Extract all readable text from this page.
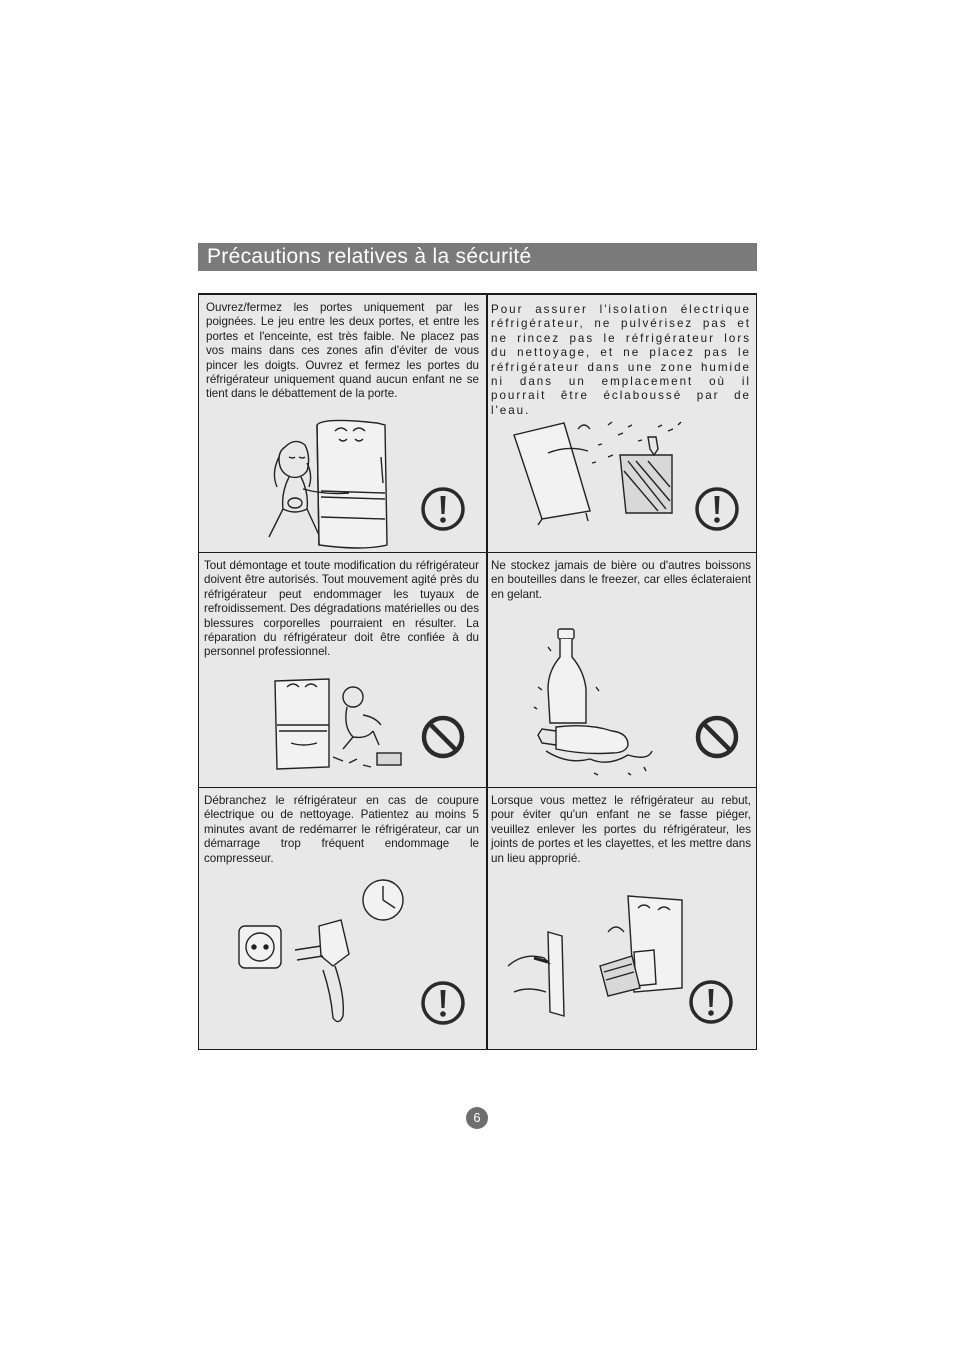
Précautions relatives à la sécurité

Ouvrez/fermez les portes uniquement par les poignées. Le jeu entre les deux portes, et entre les portes et l'enceinte, est très faible. Ne placez pas vos mains dans ces zones afin d'éviter de vous pincer les doigts. Ouvrez et fermez les portes du réfrigérateur uniquement quand aucun enfant ne se tient dans le débattement de la porte.

Pour assurer l'isolation électrique réfrigérateur, ne pulvérisez pas et ne rincez pas le réfrigérateur lors du nettoyage, et ne placez pas le réfrigérateur dans une zone humide ni dans un emplacement où il pourrait être éclaboussé par de l'eau.

Tout démontage et toute modification du réfrigérateur doivent être autorisés. Tout mouvement agité près du réfrigérateur peut endommager les tuyaux de refroidissement. Des dégradations matérielles ou des blessures corporelles pourraient en résulter. La réparation du réfrigérateur doit être confiée à du personnel professionnel.

Ne stockez jamais de bière ou d'autres boissons en bouteilles dans le freezer, car elles éclateraient en gelant.

Débranchez le réfrigérateur en cas de coupure électrique ou de nettoyage. Patientez au moins 5 minutes avant de redémarrer le réfrigérateur, car un démarrage trop fréquent endommage le compresseur.

Lorsque vous mettez le réfrigérateur au rebut, pour éviter qu'un enfant ne se fasse piéger, veuillez enlever les portes du réfrigérateur, les joints de portes et les clayettes, et les mettre dans un lieu approprié.

6
